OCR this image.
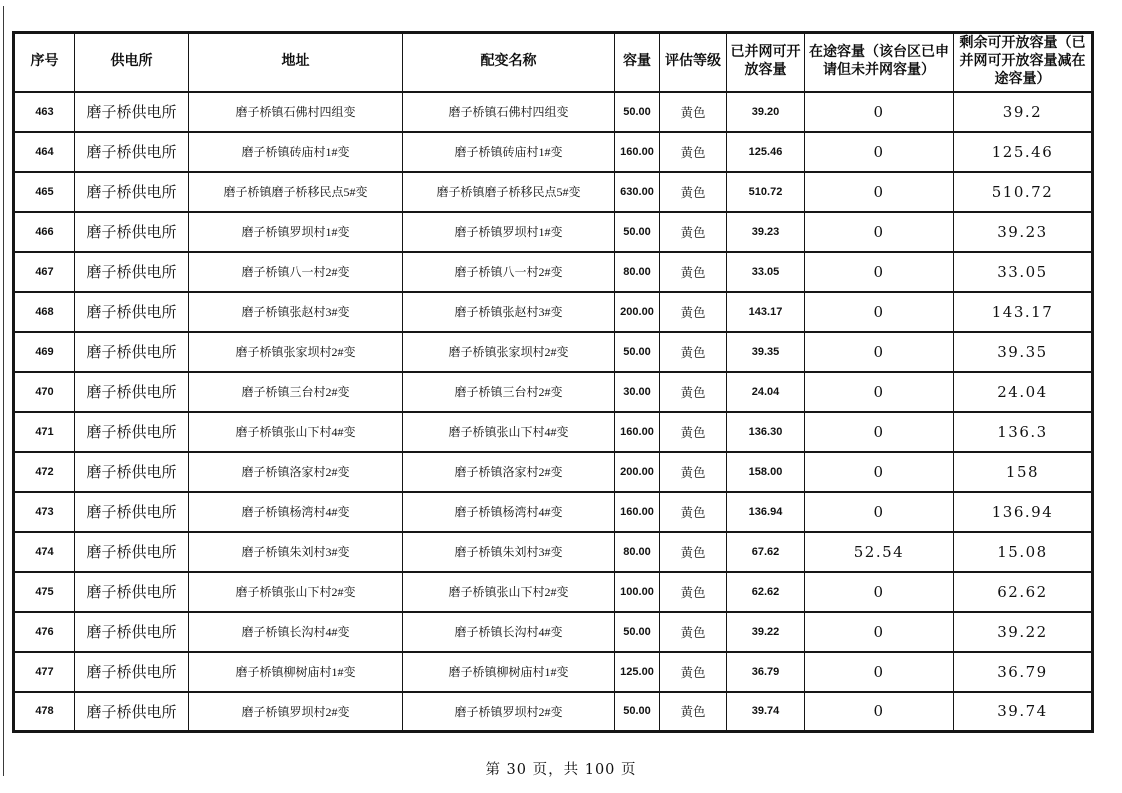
序号	供电所	地址	配变名称	容量	评估等级	已并网可开放容量	在途容量（该台区已申请但未并网容量）	剩余可开放容量（已并网可开放容量减在途容量）
463	磨子桥供电所	磨子桥镇石佛村四组变	磨子桥镇石佛村四组变	50.00	黄色	39.20	0	39.2
464	磨子桥供电所	磨子桥镇砖庙村1#变	磨子桥镇砖庙村1#变	160.00	黄色	125.46	0	125.46
465	磨子桥供电所	磨子桥镇磨子桥移民点5#变	磨子桥镇磨子桥移民点5#变	630.00	黄色	510.72	0	510.72
466	磨子桥供电所	磨子桥镇罗坝村1#变	磨子桥镇罗坝村1#变	50.00	黄色	39.23	0	39.23
467	磨子桥供电所	磨子桥镇八一村2#变	磨子桥镇八一村2#变	80.00	黄色	33.05	0	33.05
468	磨子桥供电所	磨子桥镇张赵村3#变	磨子桥镇张赵村3#变	200.00	黄色	143.17	0	143.17
469	磨子桥供电所	磨子桥镇张家坝村2#变	磨子桥镇张家坝村2#变	50.00	黄色	39.35	0	39.35
470	磨子桥供电所	磨子桥镇三台村2#变	磨子桥镇三台村2#变	30.00	黄色	24.04	0	24.04
471	磨子桥供电所	磨子桥镇张山下村4#变	磨子桥镇张山下村4#变	160.00	黄色	136.30	0	136.3
472	磨子桥供电所	磨子桥镇洛家村2#变	磨子桥镇洛家村2#变	200.00	黄色	158.00	0	158
473	磨子桥供电所	磨子桥镇杨湾村4#变	磨子桥镇杨湾村4#变	160.00	黄色	136.94	0	136.94
474	磨子桥供电所	磨子桥镇朱刘村3#变	磨子桥镇朱刘村3#变	80.00	黄色	67.62	52.54	15.08
475	磨子桥供电所	磨子桥镇张山下村2#变	磨子桥镇张山下村2#变	100.00	黄色	62.62	0	62.62
476	磨子桥供电所	磨子桥镇长沟村4#变	磨子桥镇长沟村4#变	50.00	黄色	39.22	0	39.22
477	磨子桥供电所	磨子桥镇柳树庙村1#变	磨子桥镇柳树庙村1#变	125.00	黄色	36.79	0	36.79
478	磨子桥供电所	磨子桥镇罗坝村2#变	磨子桥镇罗坝村2#变	50.00	黄色	39.74	0	39.74
第 30 页，共 100 页
